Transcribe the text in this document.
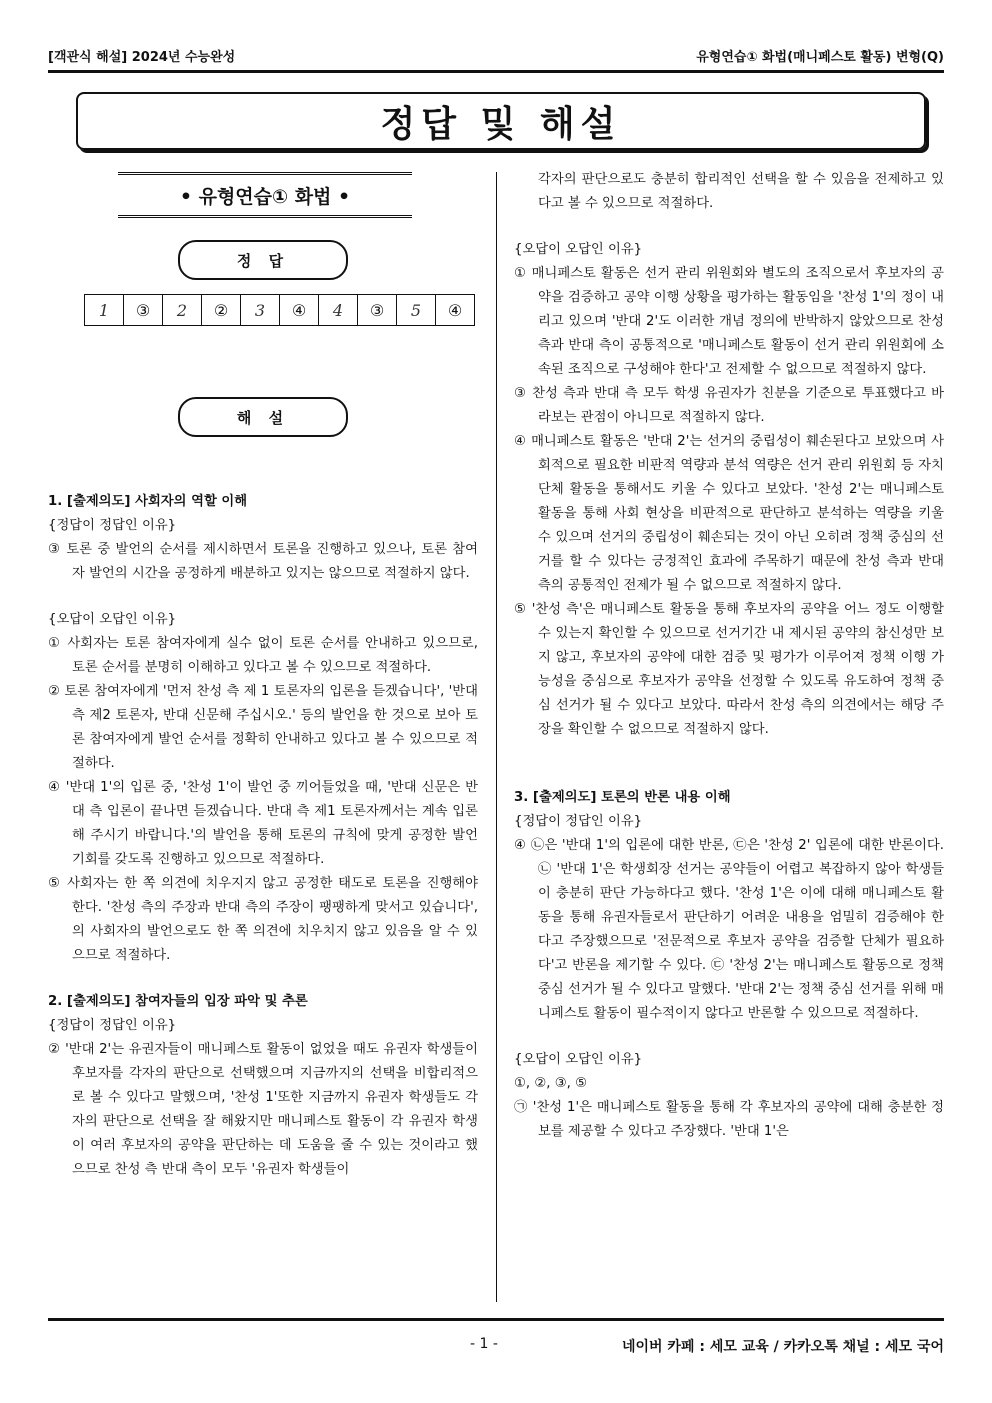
[객관식 해설] 2024년 수능완성	유형연습① 화법(매니페스토 활동) 변형(Q)
정답 및 해설
• 유형연습① 화법 •
정 답
1	③	2	②	3	④	4	③	5	④
해 설

1. [출제의도] 사회자의 역할 이해

{정답이 정답인 이유}

③ 토론 중 발언의 순서를 제시하면서 토론을 진행하고 있으나, 토론 참여자 발언의 시간을 공정하게 배분하고 있지는 않으므로 적절하지 않다.

{오답이 오답인 이유}

① 사회자는 토론 참여자에게 실수 없이 토론 순서를 안내하고 있으므로, 토론 순서를 분명히 이해하고 있다고 볼 수 있으므로 적절하다.

② 토론 참여자에게 '먼저 찬성 측 제 1 토론자의 입론을 듣겠습니다', '반대 측 제2 토론자, 반대 신문해 주십시오.' 등의 발언을 한 것으로 보아 토론 참여자에게 발언 순서를 정확히 안내하고 있다고 볼 수 있으므로 적절하다.

④ '반대 1'의 입론 중, '찬성 1'이 발언 중 끼어들었을 때, '반대 신문은 반대 측 입론이 끝나면 듣겠습니다. 반대 측 제1 토론자께서는 계속 입론해 주시기 바랍니다.'의 발언을 통해 토론의 규칙에 맞게 공정한 발언 기회를 갖도록 진행하고 있으므로 적절하다.

⑤ 사회자는 한 쪽 의견에 치우지지 않고 공정한 태도로 토론을 진행해야 한다. '찬성 측의 주장과 반대 측의 주장이 팽팽하게 맞서고 있습니다',의 사회자의 발언으로도 한 쪽 의견에 치우치지 않고 있음을 알 수 있으므로 적절하다.

2. [출제의도] 참여자들의 입장 파악 및 추론

{정답이 정답인 이유}

② '반대 2'는 유권자들이 매니페스토 활동이 없었을 때도 유권자 학생들이 후보자를 각자의 판단으로 선택했으며 지금까지의 선택을 비합리적으로 볼 수 있다고 말했으며, '찬성 1'또한 지금까지 유권자 학생들도 각자의 판단으로 선택을 잘 해왔지만 매니페스토 활동이 각 유권자 학생이 여러 후보자의 공약을 판단하는 데 도움을 줄 수 있는 것이라고 했으므로 찬성 측 반대 측이 모두 '유권자 학생들이

각자의 판단으로도 충분히 합리적인 선택을 할 수 있음을 전제하고 있다고 볼 수 있으므로 적절하다.

{오답이 오답인 이유}

① 매니페스토 활동은 선거 관리 위원회와 별도의 조직으로서 후보자의 공약을 검증하고 공약 이행 상황을 평가하는 활동임을 '찬성 1'의 정이 내리고 있으며 '반대 2'도 이러한 개념 정의에 반박하지 않았으므로 찬성 측과 반대 측이 공통적으로 '매니페스토 활동이 선거 관리 위원회에 소속된 조직으로 구성해야 한다'고 전제할 수 없으므로 적절하지 않다.

③ 찬성 측과 반대 측 모두 학생 유권자가 친분을 기준으로 투표했다고 바라보는 관점이 아니므로 적절하지 않다.

④ 매니페스토 활동은 '반대 2'는 선거의 중립성이 훼손된다고 보았으며 사회적으로 필요한 비판적 역량과 분석 역량은 선거 관리 위원회 등 자치 단체 활동을 통해서도 키울 수 있다고 보았다. '찬성 2'는 매니페스토 활동을 통해 사회 현상을 비판적으로 판단하고 분석하는 역량을 키울 수 있으며 선거의 중립성이 훼손되는 것이 아닌 오히려 정책 중심의 선거를 할 수 있다는 긍정적인 효과에 주목하기 때문에 찬성 측과 반대 측의 공통적인 전제가 될 수 없으므로 적절하지 않다.

⑤ '찬성 측'은 매니페스토 활동을 통해 후보자의 공약을 어느 정도 이행할 수 있는지 확인할 수 있으므로 선거기간 내 제시된 공약의 참신성만 보지 않고, 후보자의 공약에 대한 검증 및 평가가 이루어져 정책 이행 가능성을 중심으로 후보자가 공약을 선정할 수 있도록 유도하여 정책 중심 선거가 될 수 있다고 보았다. 따라서 찬성 측의 의견에서는 해당 주장을 확인할 수 없으므로 적절하지 않다.

3. [출제의도] 토론의 반론 내용 이해

{정답이 정답인 이유}

④ ㉡은 '반대 1'의 입론에 대한 반론, ㉢은 '찬성 2' 입론에 대한 반론이다. ㉡ '반대 1'은 학생회장 선거는 공약들이 어렵고 복잡하지 않아 학생들이 충분히 판단 가능하다고 했다. '찬성 1'은 이에 대해 매니페스토 활동을 통해 유권자들로서 판단하기 어려운 내용을 엄밀히 검증해야 한다고 주장했으므로 '전문적으로 후보자 공약을 검증할 단체가 필요하다'고 반론을 제기할 수 있다. ㉢ '찬성 2'는 매니페스토 활동으로 정책 중심 선거가 될 수 있다고 말했다. '반대 2'는 정책 중심 선거를 위해 매니페스토 활동이 필수적이지 않다고 반론할 수 있으므로 적절하다.

{오답이 오답인 이유}

①, ②, ③, ⑤

㉠ '찬성 1'은 매니페스토 활동을 통해 각 후보자의 공약에 대해 충분한 정보를 제공할 수 있다고 주장했다. '반대 1'은

- 1 -	네이버 카페 : 세모 교육 / 카카오톡 채널 : 세모 국어
